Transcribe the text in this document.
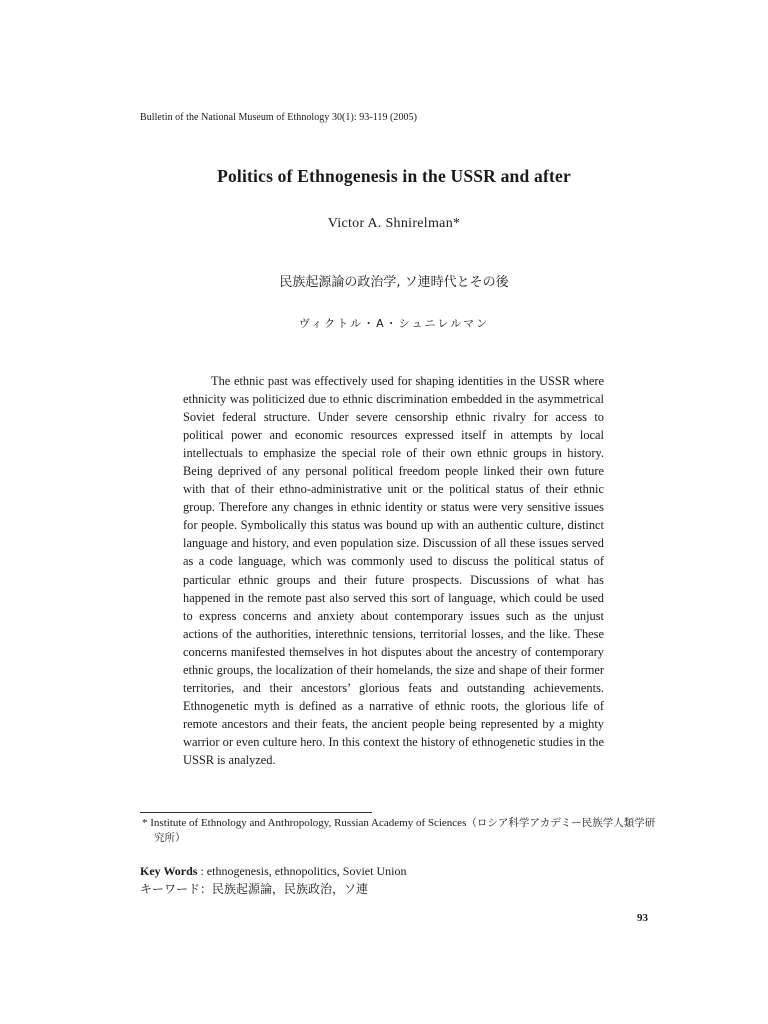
Bulletin of the National Museum of Ethnology 30(1): 93-119 (2005)
Politics of Ethnogenesis in the USSR and after
Victor A. Shnirelman*
民族起源論の政治学, ソ連時代とその後
ヴィクトル・A・シュニレルマン

The ethnic past was effectively used for shaping identities in the USSR where ethnicity was politicized due to ethnic discrimination embedded in the asymmetrical Soviet federal structure. Under severe censorship ethnic rivalry for access to political power and economic resources expressed itself in attempts by local intellectuals to emphasize the special role of their own ethnic groups in history. Being deprived of any personal political freedom people linked their own future with that of their ethno-administrative unit or the political status of their ethnic group. Therefore any changes in ethnic identity or status were very sensitive issues for people. Symbolically this status was bound up with an authentic culture, distinct language and history, and even population size. Discussion of all these issues served as a code language, which was commonly used to discuss the political status of particular ethnic groups and their future prospects. Discussions of what has happened in the remote past also served this sort of language, which could be used to express concerns and anxiety about contemporary issues such as the unjust actions of the authorities, interethnic tensions, territorial losses, and the like. These concerns manifested themselves in hot disputes about the ancestry of contemporary ethnic groups, the localization of their homelands, the size and shape of their former territories, and their ancestors’ glorious feats and outstanding achievements. Ethnogenetic myth is defined as a narrative of ethnic roots, the glorious life of remote ancestors and their feats, the ancient people being represented by a mighty warrior or even culture hero. In this context the history of ethnogenetic studies in the USSR is analyzed.

* Institute of Ethnology and Anthropology, Russian Academy of Sciences（ロシア科学アカデミー民族学人類学研究所）

Key Words : ethnogenesis, ethnopolitics, Soviet Union
キーワード：民族起源論，民族政治，ソ連
93
